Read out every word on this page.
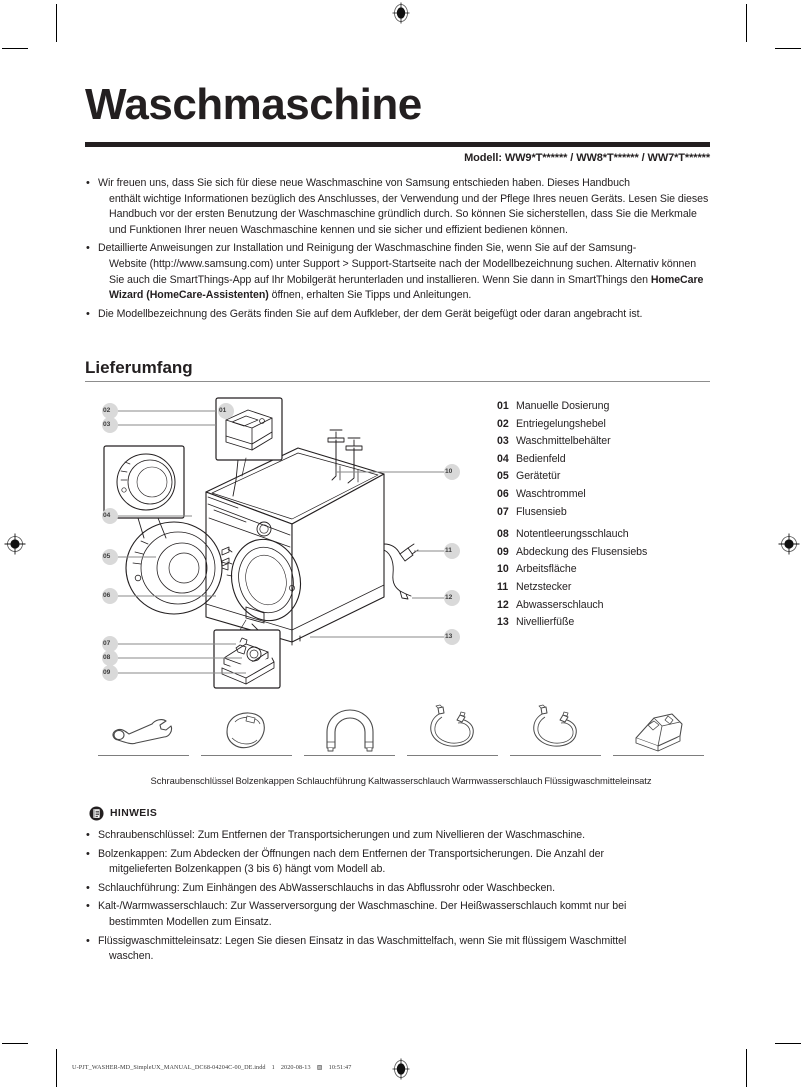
Waschmaschine
Modell: WW9*T****** / WW8*T****** / WW7*T******
• Wir freuen uns, dass Sie sich für diese neue Waschmaschine von Samsung entschieden haben. Dieses Handbuch
enthält wichtige Informationen bezüglich des Anschlusses, der Verwendung und der Pflege Ihres neuen Geräts. Lesen Sie dieses Handbuch vor der ersten Benutzung der Waschmaschine gründlich durch. So können Sie sicherstellen, dass Sie die Merkmale und Funktionen Ihrer neuen Waschmaschine kennen und sie sicher und effizient bedienen können.
• Detaillierte Anweisungen zur Installation und Reinigung der Waschmaschine finden Sie, wenn Sie auf der Samsung-
Website (http://www.samsung.com) unter Support > Support-Startseite nach der Modellbezeichnung suchen. Alternativ können Sie auch die SmartThings-App auf Ihr Mobilgerät herunterladen und installieren. Wenn Sie dann in SmartThings den HomeCare Wizard (HomeCare-Assistenten) öffnen, erhalten Sie Tipps und Anleitungen.
• Die Modellbezeichnung des Geräts finden Sie auf dem Aufkleber, der dem Gerät beigefügt oder daran angebracht ist.
Lieferumfang
02
03
04
05
06
07
08
09
01
10
11
12
13
01 Manuelle Dosierung
02 Entriegelungshebel
03 Waschmittelbehälter
04 Bedienfeld
05 Gerätetür
06 Waschtrommel
07 Flusensieb
08 Notentleerungsschlauch
09 Abdeckung des Flusensiebs
10 Arbeitsfläche
11 Netzstecker
12 Abwasserschlauch
13 Nivellierfüße
Schraubenschlüssel Bolzenkappen Schlauchführung Kaltwasserschlauch Warmwasserschlauch Flüssigwaschmitteleinsatz
HINWEIS
• Schraubenschlüssel: Zum Entfernen der Transportsicherungen und zum Nivellieren der Waschmaschine.
• Bolzenkappen: Zum Abdecken der Öffnungen nach dem Entfernen der Transportsicherungen. Die Anzahl der
mitgelieferten Bolzenkappen (3 bis 6) hängt vom Modell ab.
• Schlauchführung: Zum Einhängen des AbWasserschlauchs in das Abflussrohr oder Waschbecken.
• Kalt-/Warmwasserschlauch: Zur Wasserversorgung der Waschmaschine. Der Heißwasserschlauch kommt nur bei
bestimmten Modellen zum Einsatz.
• Flüssigwaschmitteleinsatz: Legen Sie diesen Einsatz in das Waschmittelfach, wenn Sie mit flüssigem Waschmittel
waschen.
U-PJT_WASHER-MD_SimpleUX_MANUAL_DC68-04204C-00_DE.indd 1 2020-08-13 ▨ 10:51:47
